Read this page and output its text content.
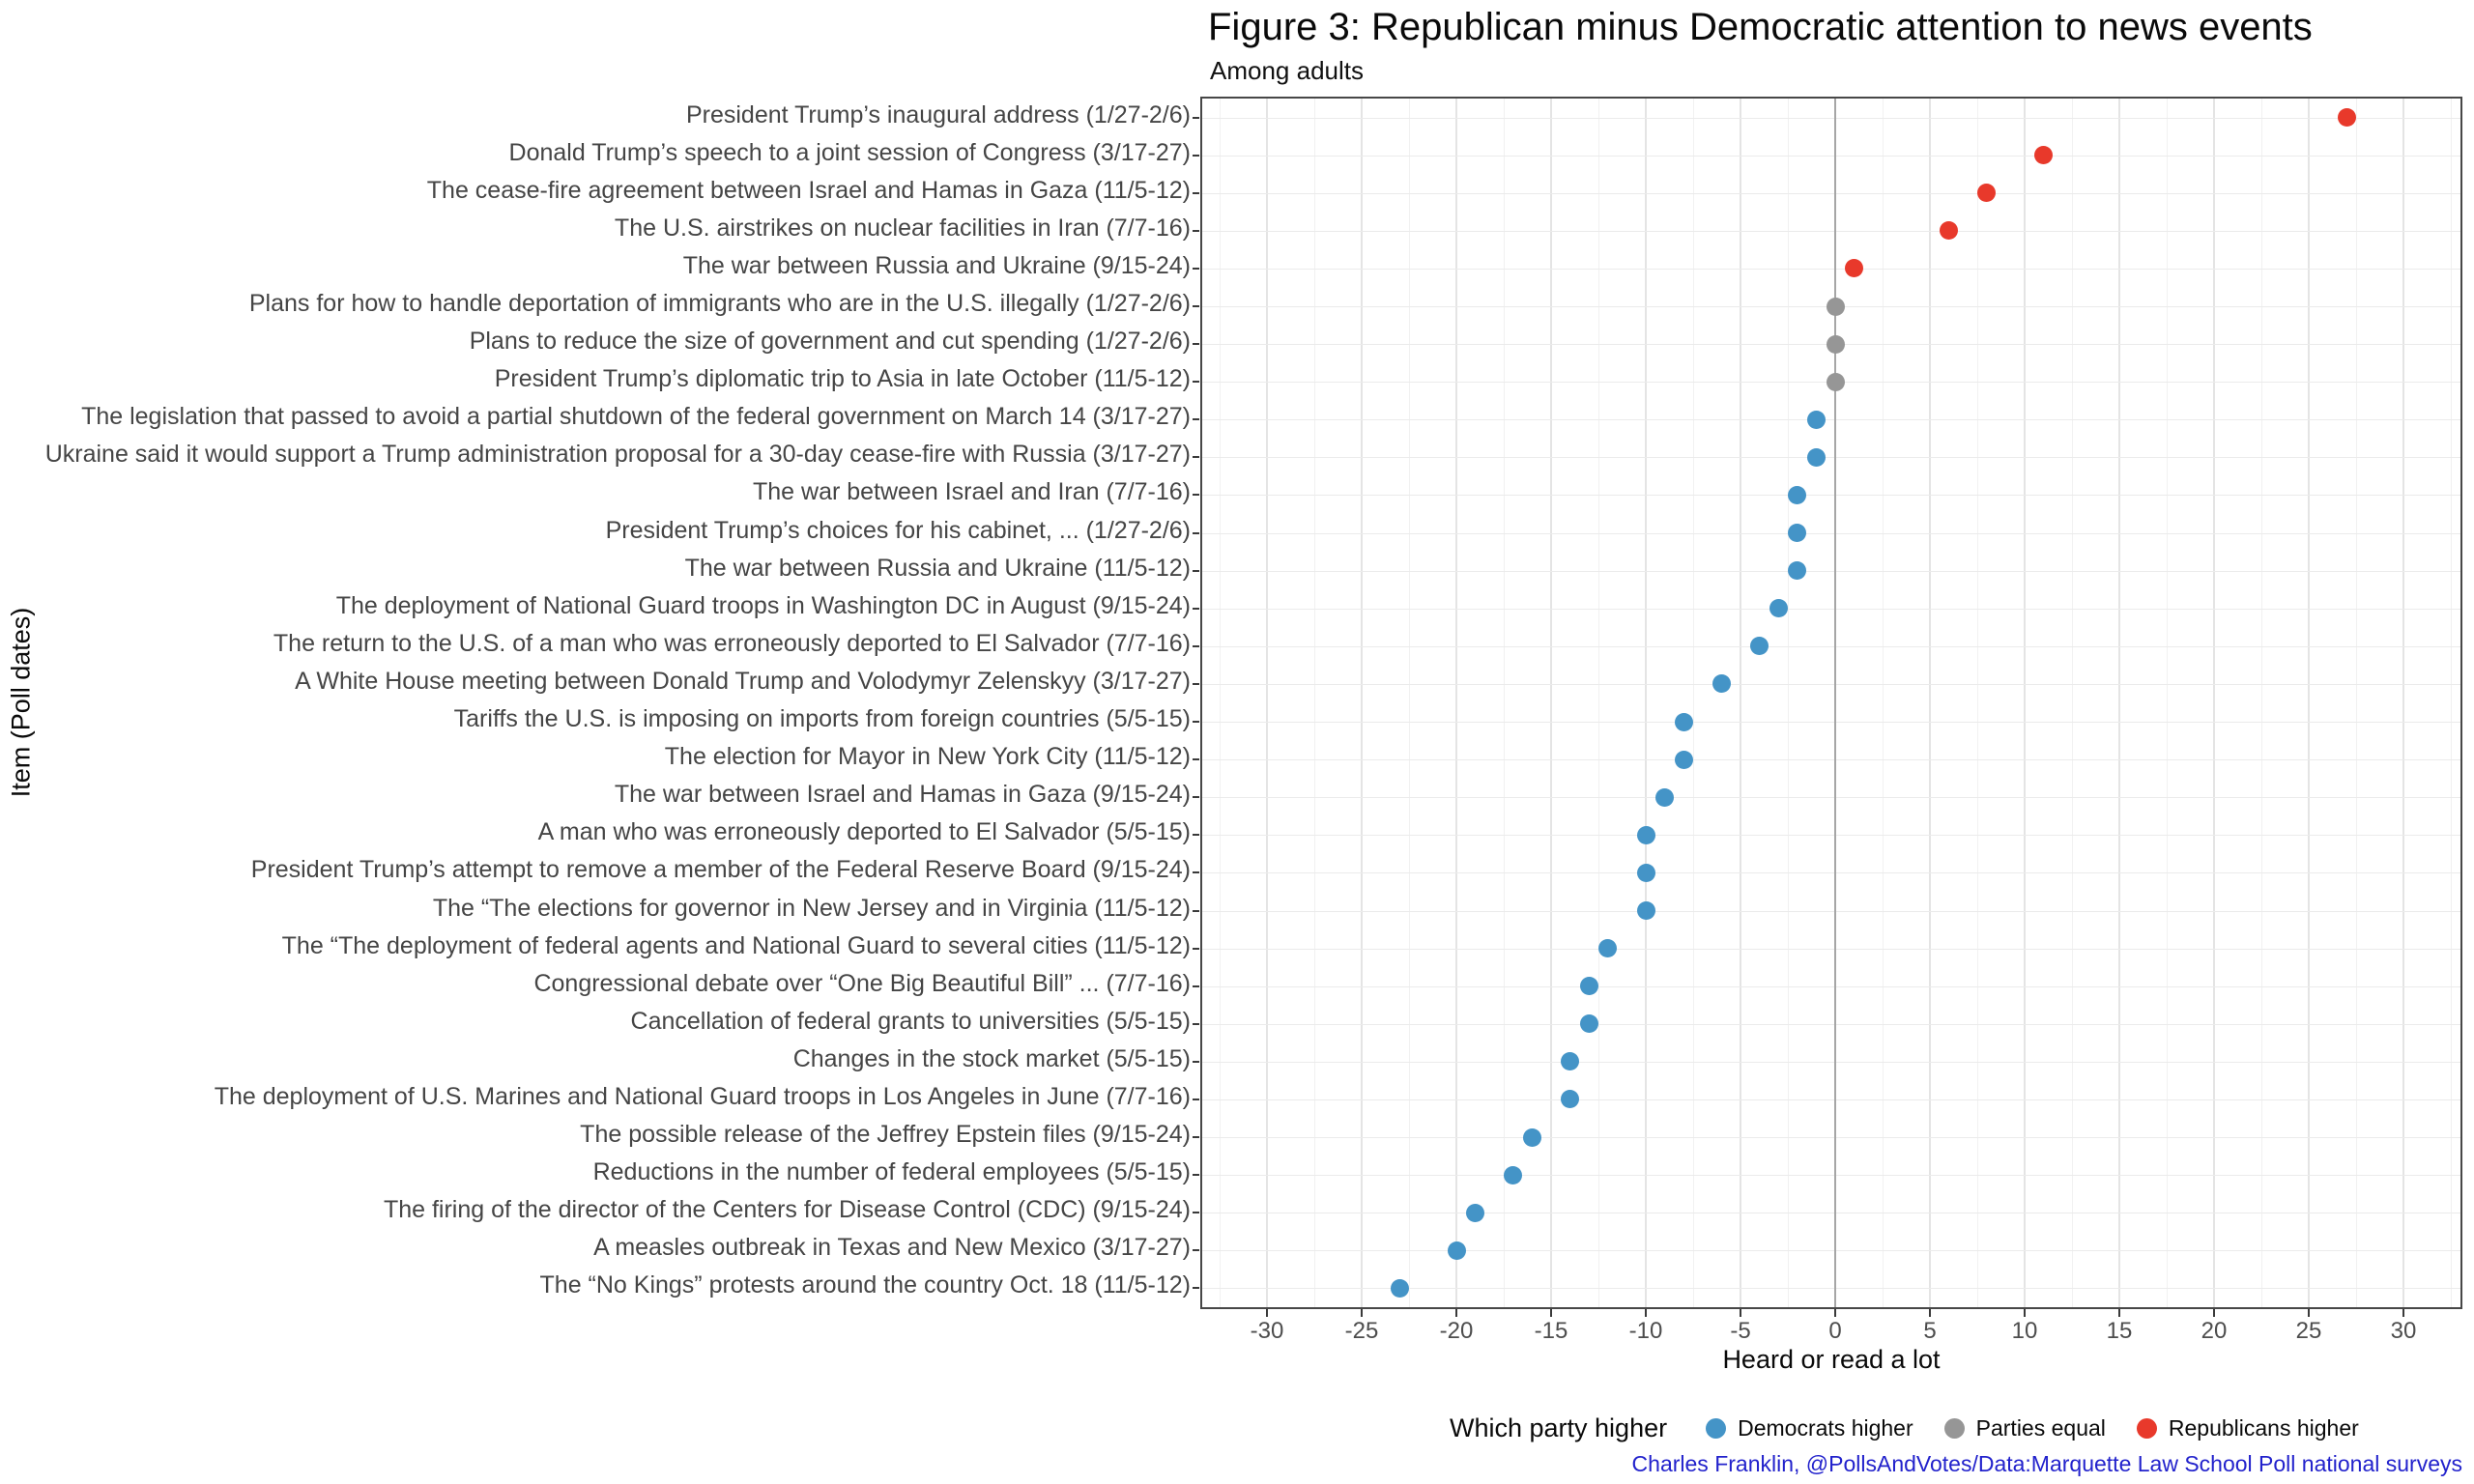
Figure 3: Republican minus Democratic attention to news events
Among adults
Item (Poll dates)
President Trump’s inaugural address (1/27-2/6)
Donald Trump’s speech to a joint session of Congress (3/17-27)
The cease-fire agreement between Israel and Hamas in Gaza (11/5-12)
The U.S. airstrikes on nuclear facilities in Iran (7/7-16)
The war between Russia and Ukraine (9/15-24)
Plans for how to handle deportation of immigrants who are in the U.S. illegally (1/27-2/6)
Plans to reduce the size of government and cut spending (1/27-2/6)
President Trump’s diplomatic trip to Asia in late October (11/5-12)
The legislation that passed to avoid a partial shutdown of the federal government on March 14 (3/17-27)
Ukraine said it would support a Trump administration proposal for a 30-day cease-fire with Russia (3/17-27)
The war between Israel and Iran (7/7-16)
President Trump’s choices for his cabinet, ... (1/27-2/6)
The war between Russia and Ukraine (11/5-12)
The deployment of National Guard troops in Washington DC in August (9/15-24)
The return to the U.S. of a man who was erroneously deported to El Salvador (7/7-16)
A White House meeting between Donald Trump and Volodymyr Zelenskyy (3/17-27)
Tariffs the U.S. is imposing on imports from foreign countries (5/5-15)
The election for Mayor in New York City (11/5-12)
The war between Israel and Hamas in Gaza (9/15-24)
A man who was erroneously deported to El Salvador (5/5-15)
President Trump’s attempt to remove a member of the Federal Reserve Board (9/15-24)
The “The elections for governor in New Jersey and in Virginia (11/5-12)
The “The deployment of federal agents and National Guard to several cities (11/5-12)
Congressional debate over “One Big Beautiful Bill” ... (7/7-16)
Cancellation of federal grants to universities (5/5-15)
Changes in the stock market (5/5-15)
The deployment of U.S. Marines and National Guard troops in Los Angeles in June (7/7-16)
The possible release of the Jeffrey Epstein files (9/15-24)
Reductions in the number of federal employees (5/5-15)
The firing of the director of the Centers for Disease Control (CDC) (9/15-24)
A measles outbreak in Texas and New Mexico (3/17-27)
The “No Kings” protests around the country Oct. 18 (11/5-12)
Heard or read a lot
Which party higher	Democrats higher	Parties equal	Republicans higher
Charles Franklin, @PollsAndVotes/Data:Marquette Law School Poll national surveys
-30	-25	-20	-15	-10	-5	0	5	10	15	20	25	30
